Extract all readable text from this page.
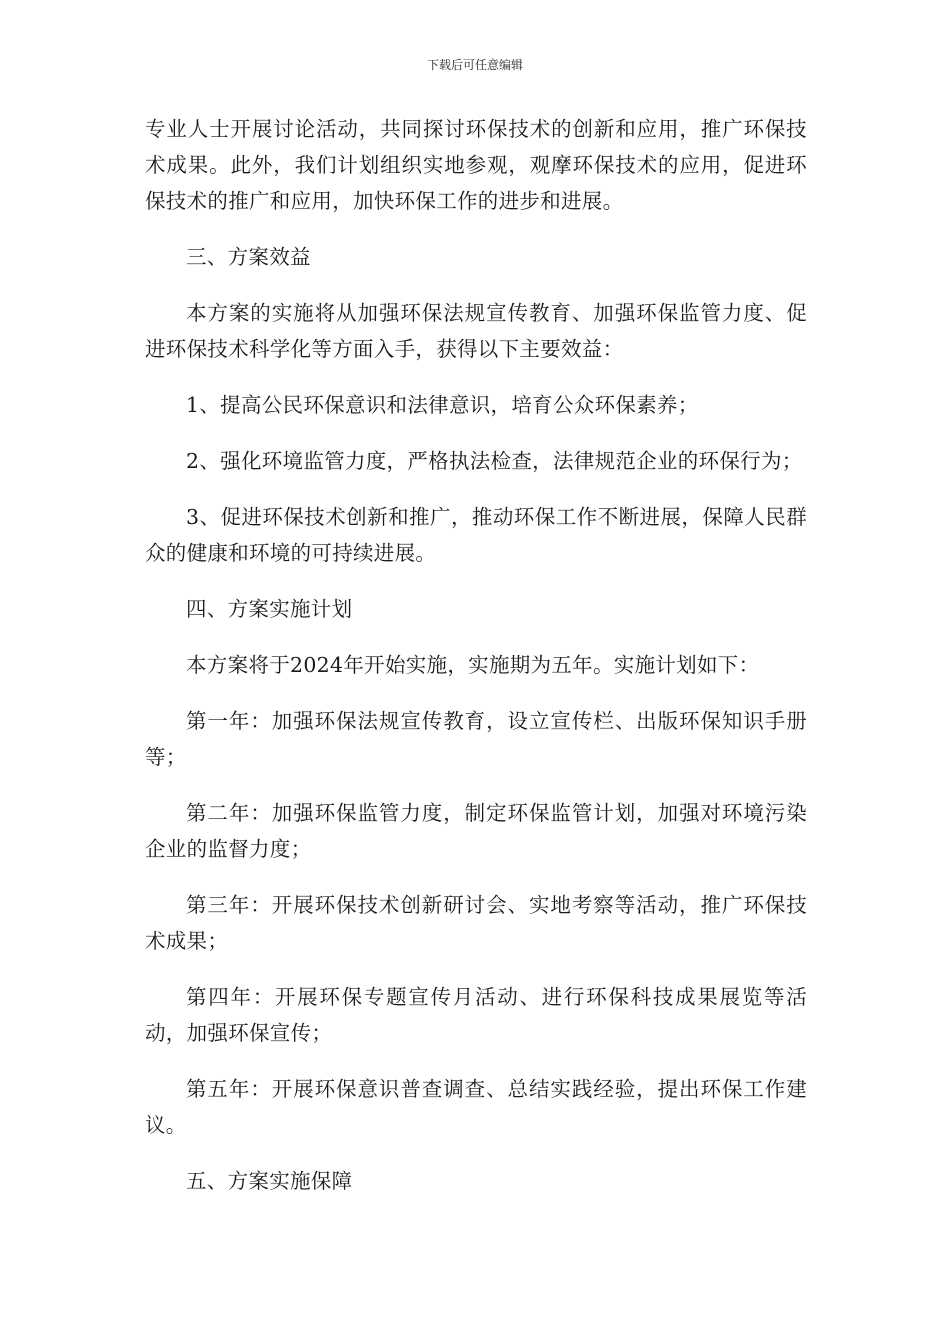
下载后可任意编辑

专业人士开展讨论活动，共同探讨环保技术的创新和应用，推广环保技术成果。此外，我们计划组织实地参观，观摩环保技术的应用，促进环保技术的推广和应用，加快环保工作的进步和进展。

三、方案效益

本方案的实施将从加强环保法规宣传教育、加强环保监管力度、促进环保技术科学化等方面入手，获得以下主要效益：

1、提高公民环保意识和法律意识，培育公众环保素养；

2、强化环境监管力度，严格执法检查，法律规范企业的环保行为；

3、促进环保技术创新和推广，推动环保工作不断进展，保障人民群众的健康和环境的可持续进展。

四、方案实施计划

本方案将于2024年开始实施，实施期为五年。实施计划如下：

第一年：加强环保法规宣传教育，设立宣传栏、出版环保知识手册等；

第二年：加强环保监管力度，制定环保监管计划，加强对环境污染企业的监督力度；

第三年：开展环保技术创新研讨会、实地考察等活动，推广环保技术成果；

第四年：开展环保专题宣传月活动、进行环保科技成果展览等活动，加强环保宣传；

第五年：开展环保意识普查调查、总结实践经验，提出环保工作建议。

五、方案实施保障
